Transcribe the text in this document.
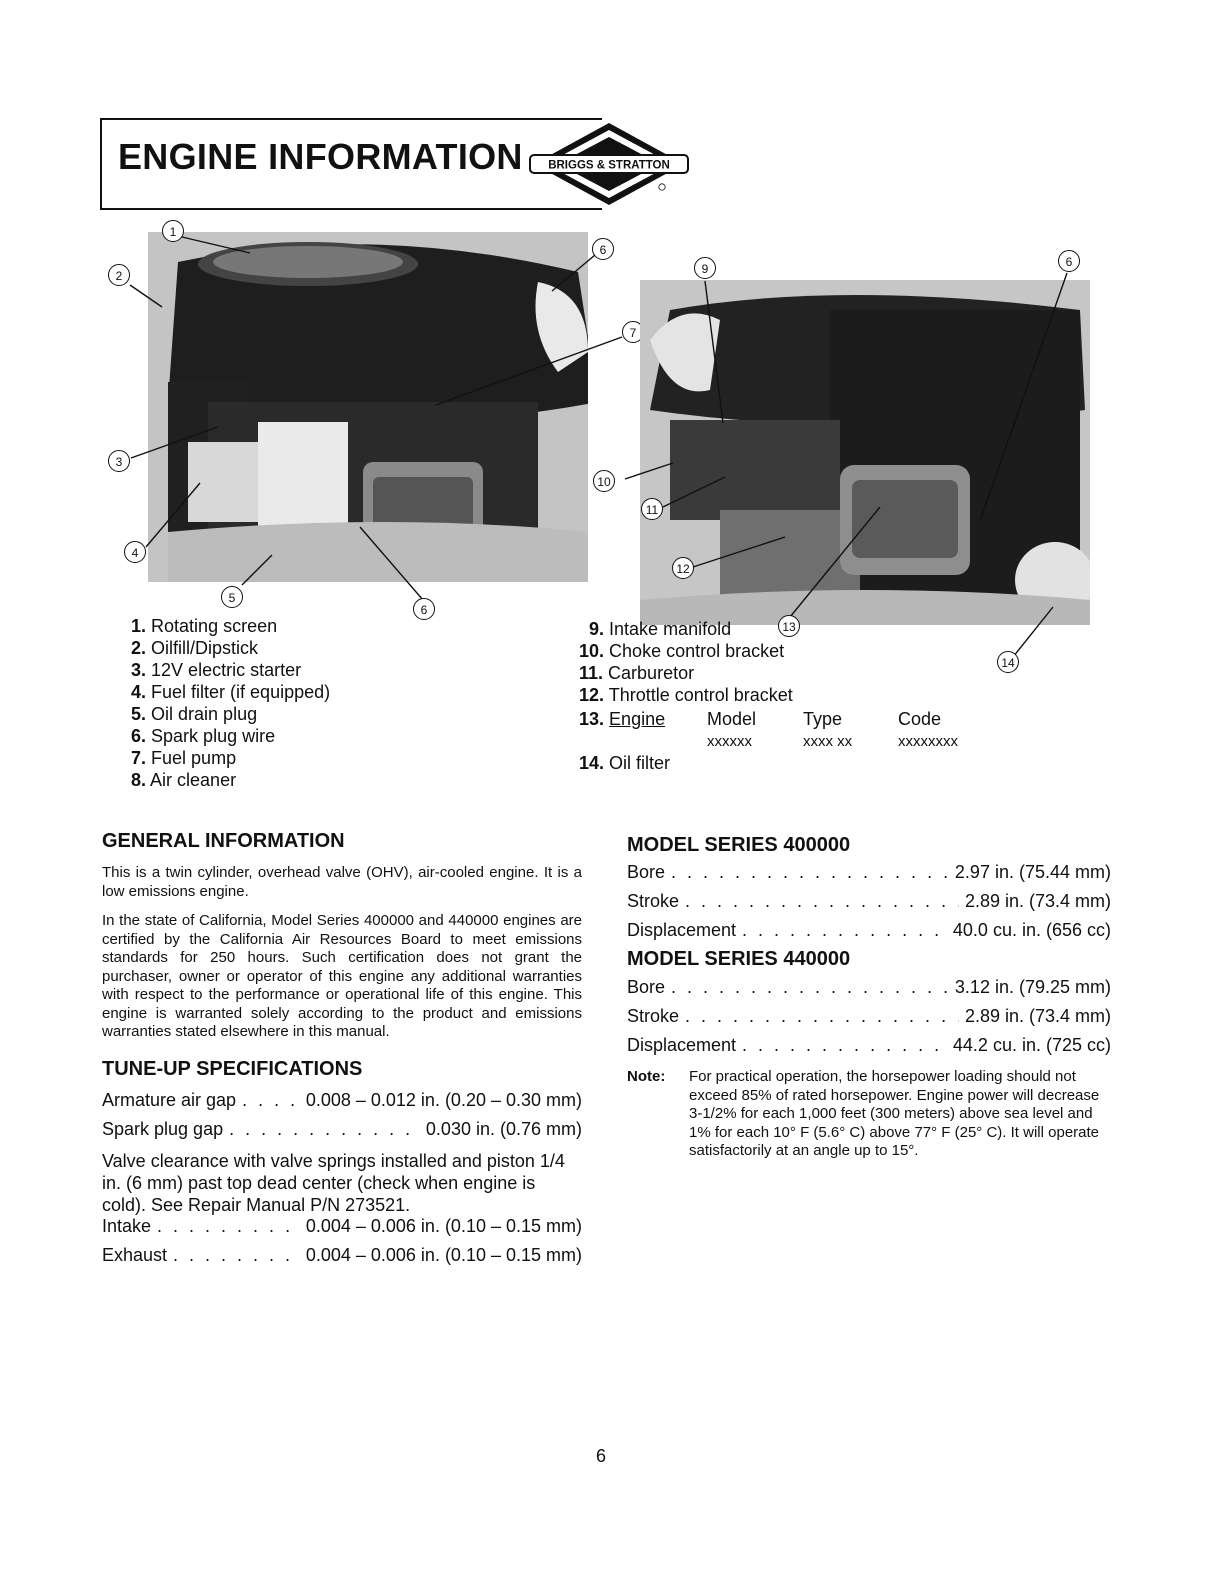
ENGINE INFORMATION BRIGGS & STRATTON
1
2
3
4
5
6
6
7
9
10
11
12
13
14
6
1. Rotating screen
2. Oilfill/Dipstick
3. 12V electric starter
4. Fuel filter (if equipped)
5. Oil drain plug
6. Spark plug wire
7. Fuel pump
8. Air cleaner
9. Intake manifold
10. Choke control bracket
11. Carburetor
12. Throttle control bracket
13. Engine Model	Type	Code
xxxxxx	xxxx xx	xxxxxxxx
14. Oil filter
GENERAL INFORMATION
This is a twin cylinder, overhead valve (OHV), air-cooled engine. It is a low emissions engine.
In the state of California, Model Series 400000 and 440000 engines are certified by the California Air Resources Board to meet emissions standards for 250 hours. Such certification does not grant the purchaser, owner or operator of this engine any additional warranties with respect to the performance or operational life of this engine. This engine is warranted solely according to the product and emissions warranties stated elsewhere in this manual.
TUNE-UP SPECIFICATIONS
Armature air gap . . .	0.008 – 0.012 in. (0.20 – 0.30 mm)
Spark plug gap . . .	0.030 in. (0.76 mm)
Valve clearance with valve springs installed and piston 1/4 in. (6 mm) past top dead center (check when engine is cold). See Repair Manual P/N 273521.
Intake . . .	0.004 – 0.006 in. (0.10 – 0.15 mm)
Exhaust . . .	0.004 – 0.006 in. (0.10 – 0.15 mm)
MODEL SERIES 400000
Bore . . .	2.97 in. (75.44 mm)
Stroke . . .	2.89 in. (73.4 mm)
Displacement . . .	40.0 cu. in. (656 cc)
MODEL SERIES 440000
Bore . . .	3.12 in. (79.25 mm)
Stroke . . .	2.89 in. (73.4 mm)
Displacement . . .	44.2 cu. in. (725 cc)
Note: For practical operation, the horsepower loading should not exceed 85% of rated horsepower. Engine power will decrease 3-1/2% for each 1,000 feet (300 meters) above sea level and 1% for each 10° F (5.6° C) above 77° F (25° C). It will operate satisfactorily at an angle up to 15°.
6
